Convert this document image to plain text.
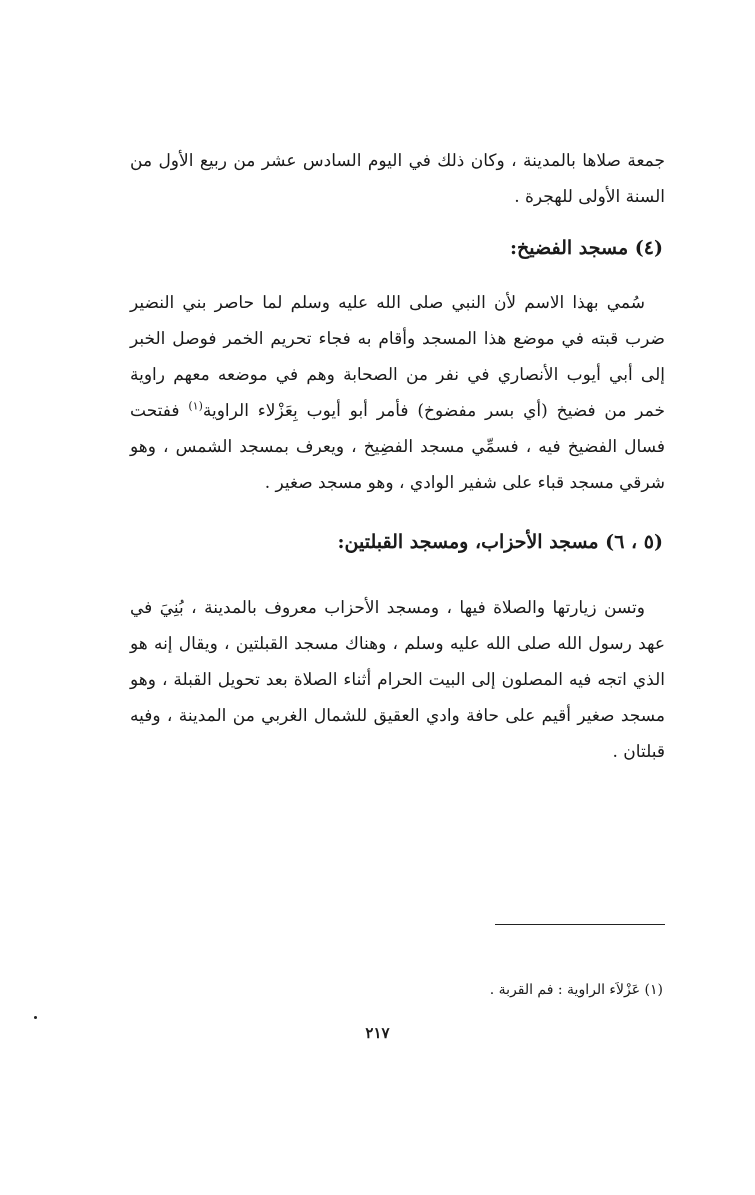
جمعة صلاها بالمدينة ، وكان ذلك في اليوم السادس عشر من ربيع الأول من السنة الأولى للهجرة .

(٤) مسجد الفضيخ:

سُمي بهذا الاسم لأن النبي صلى الله عليه وسلم لما حاصر بني النضير ضرب قبته في موضع هذا المسجد وأقام به فجاء تحريم الخمر فوصل الخبر إلى أبي أيوب الأنصاري في نفر من الصحابة وهم في موضعه معهم راوية خمر من فضيخ (أي بسر مفضوخ) فأمر أبو أيوب بِعَزْلاء الراوية$^{(١)}$ ففتحت فسال الفضيخ فيه ، فسمِّي مسجد الفضِيخ ، ويعرف بمسجد الشمس ، وهو شرقي مسجد قباء على شفير الوادي ، وهو مسجد صغير .

(٥ ، ٦) مسجد الأحزاب، ومسجد القبلتين:

وتسن زيارتها والصلاة فيها ، ومسجد الأحزاب معروف بالمدينة ، بُنِيَ في عهد رسول الله صلى الله عليه وسلم ، وهناك مسجد القبلتين ، ويقال إنه هو الذي اتجه فيه المصلون إلى البيت الحرام أثناء الصلاة بعد تحويل القبلة ، وهو مسجد صغير أقيم على حافة وادي العقيق للشمال الغربي من المدينة ، وفيه قبلتان .

(١) عَزْلاَء الراوية : فم القربة .
٢١٧
